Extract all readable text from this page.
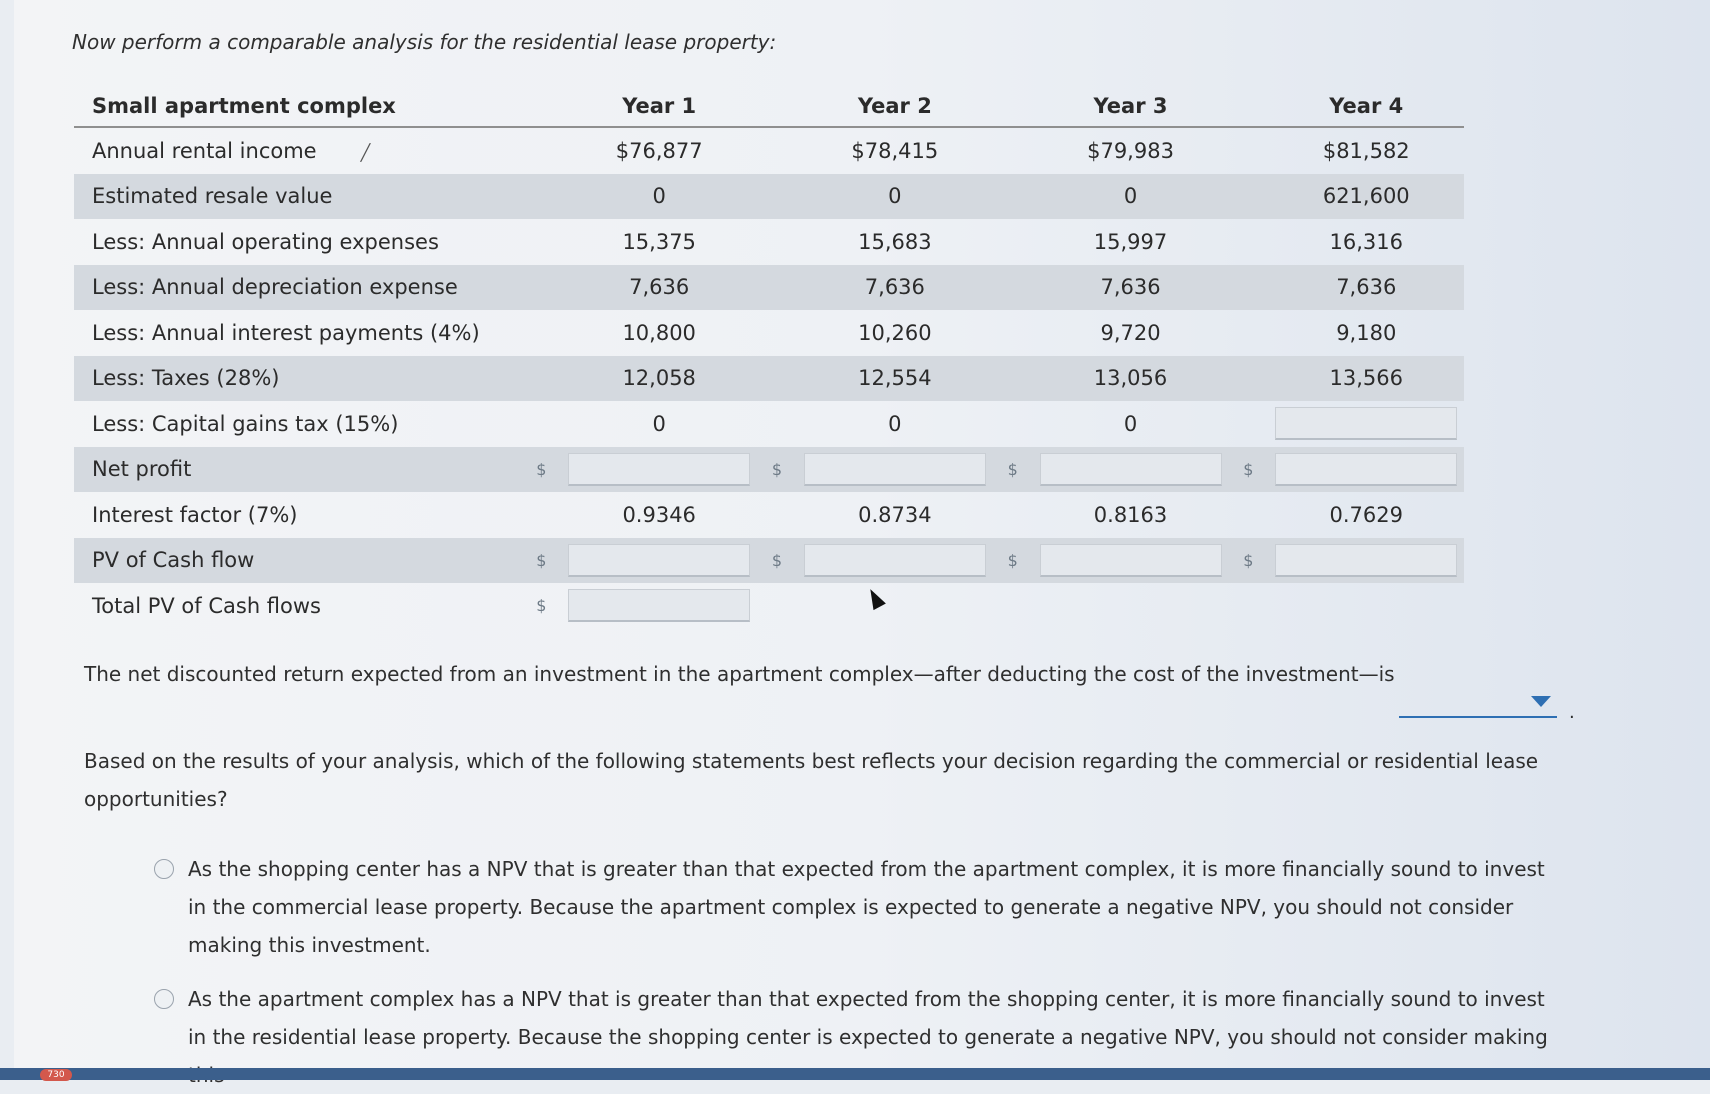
Now perform a comparable analysis for the residential lease property:
Small apartment complex		Year 1		Year 2		Year 3		Year 4
Annual rental income ╱		$76,877		$78,415		$79,983		$81,582
Estimated resale value		0		0		0		621,600
Less: Annual operating expenses		15,375		15,683		15,997		16,316
Less: Annual depreciation expense		7,636		7,636		7,636		7,636
Less: Annual interest payments (4%)		10,800		10,260		9,720		9,180
Less: Taxes (28%)		12,058		12,554		13,056		13,566
Less: Capital gains tax (15%)		0		0		0		

Net profit	$		$		$		$	

Interest factor (7%)		0.9346		0.8734		0.8163		0.7629
PV of Cash flow	$		$		$		$	

Total PV of Cash flows	$	

The net discounted return expected from an investment in the apartment complex—after deducting the cost of the investment—is
.
Based on the results of your analysis, which of the following statements best reflects your decision regarding the commercial or residential lease opportunities?
As the shopping center has a NPV that is greater than that expected from the apartment complex, it is more financially sound to invest in the commercial lease property. Because the apartment complex is expected to generate a negative NPV, you should not consider making this investment.
As the apartment complex has a NPV that is greater than that expected from the shopping center, it is more financially sound to invest in the residential lease property. Because the shopping center is expected to generate a negative NPV, you should not consider making
730
